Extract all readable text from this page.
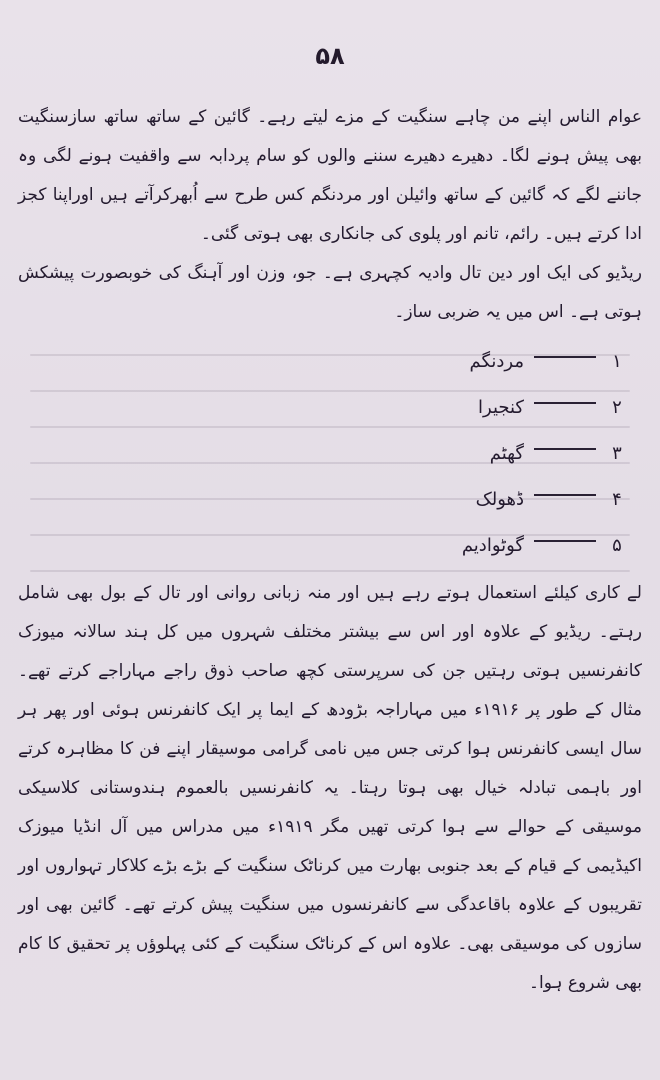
۵۸

عوام الناس اپنے من چاہے سنگیت کے مزے لیتے رہے۔ گائین کے ساتھ ساتھ سازسنگیت بھی پیش ہونے لگا۔ دھیرے دھیرے سننے والوں کو سام پردابہ سے واقفیت ہونے لگی وہ جاننے لگے کہ گائین کے ساتھ وائیلن اور مردنگم کس طرح سے اُبھرکرآتے ہیں اوراپنا کجز ادا کرتے ہیں۔ رائم، تانم اور پلوی کی جانکاری بھی ہوتی گئی۔

ریڈیو کی ایک اور دین تال وادیہ کچہری ہے۔ جو، وزن اور آہنگ کی خوبصورت پیشکش ہوتی ہے۔ اس میں یہ ضربی ساز۔

۱
مردنگم
۲
کنجیرا
۳
گھٹم
۴
ڈھولک
۵
گوٹوادیم

لے کاری کیلئے استعمال ہوتے رہے ہیں اور منہ زبانی روانی اور تال کے بول بھی شامل رہتے۔ ریڈیو کے علاوہ اور اس سے بیشتر مختلف شہروں میں کل ہند سالانہ میوزک کانفرنسیں ہوتی رہتیں جن کی سرپرستی کچھ صاحب ذوق راجے مہاراجے کرتے تھے۔ مثال کے طور پر ۱۹۱۶ء میں مہاراجہ بڑودھ کے ایما پر ایک کانفرنس ہوئی اور پھر ہر سال ایسی کانفرنس ہوا کرتی جس میں نامی گرامی موسیقار اپنے فن کا مظاہرہ کرتے اور باہمی تبادلہ خیال بھی ہوتا رہتا۔ یہ کانفرنسیں بالعموم ہندوستانی کلاسیکی موسیقی کے حوالے سے ہوا کرتی تھیں مگر ۱۹۱۹ء میں مدراس میں آل انڈیا میوزک اکیڈیمی کے قیام کے بعد جنوبی بھارت میں کرناٹک سنگیت کے بڑے بڑے کلاکار تہواروں اور تقریبوں کے علاوہ باقاعدگی سے کانفرنسوں میں سنگیت پیش کرتے تھے۔ گائین بھی اور سازوں کی موسیقی بھی۔ علاوہ اس کے کرناٹک سنگیت کے کئی پہلوؤں پر تحقیق کا کام بھی شروع ہوا۔
